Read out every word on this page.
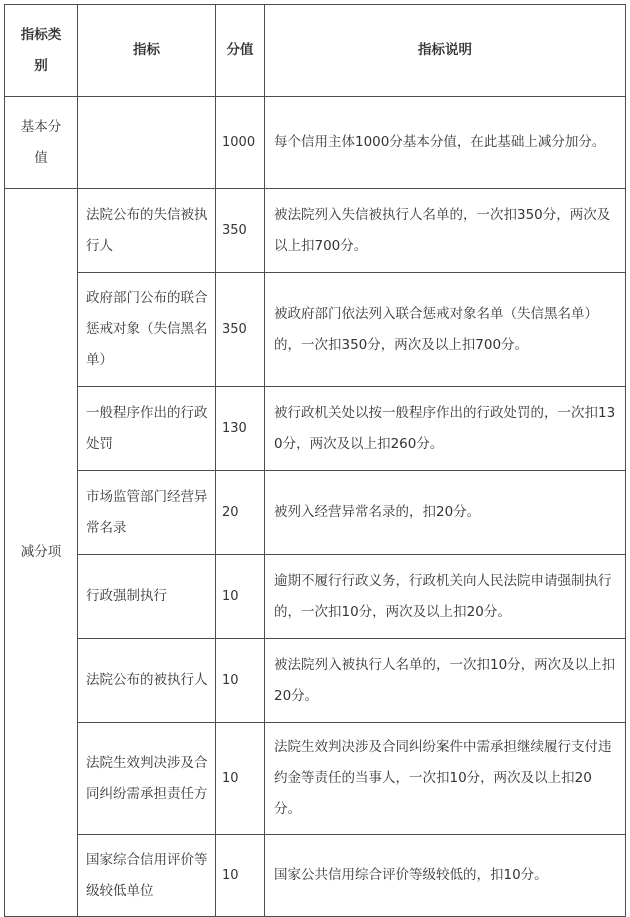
指标类别	指标	分值	指标说明

基本分值		1000	每个信用主体1000分基本分值，在此基础上减分加分。

减分项	法院公布的失信被执行人	350	被法院列入失信被执行人名单的，一次扣350分，两次及以上扣700分。

	政府部门公布的联合惩戒对象（失信黑名单）	350	被政府部门依法列入联合惩戒对象名单（失信黑名单）的，一次扣350分，两次及以上扣700分。

	一般程序作出的行政处罚	130	被行政机关处以按一般程序作出的行政处罚的，一次扣130分，两次及以上扣260分。

	市场监管部门经营异常名录	20	被列入经营异常名录的，扣20分。

	行政强制执行	10	逾期不履行行政义务，行政机关向人民法院申请强制执行的，一次扣10分，两次及以上扣20分。

	法院公布的被执行人	10	被法院列入被执行人名单的，一次扣10分，两次及以上扣20分。

	法院生效判决涉及合同纠纷需承担责任方	10	法院生效判决涉及合同纠纷案件中需承担继续履行支付违约金等责任的当事人，一次扣10分，两次及以上扣20分。

	国家综合信用评价等级较低单位	10	国家公共信用综合评价等级较低的，扣10分。
